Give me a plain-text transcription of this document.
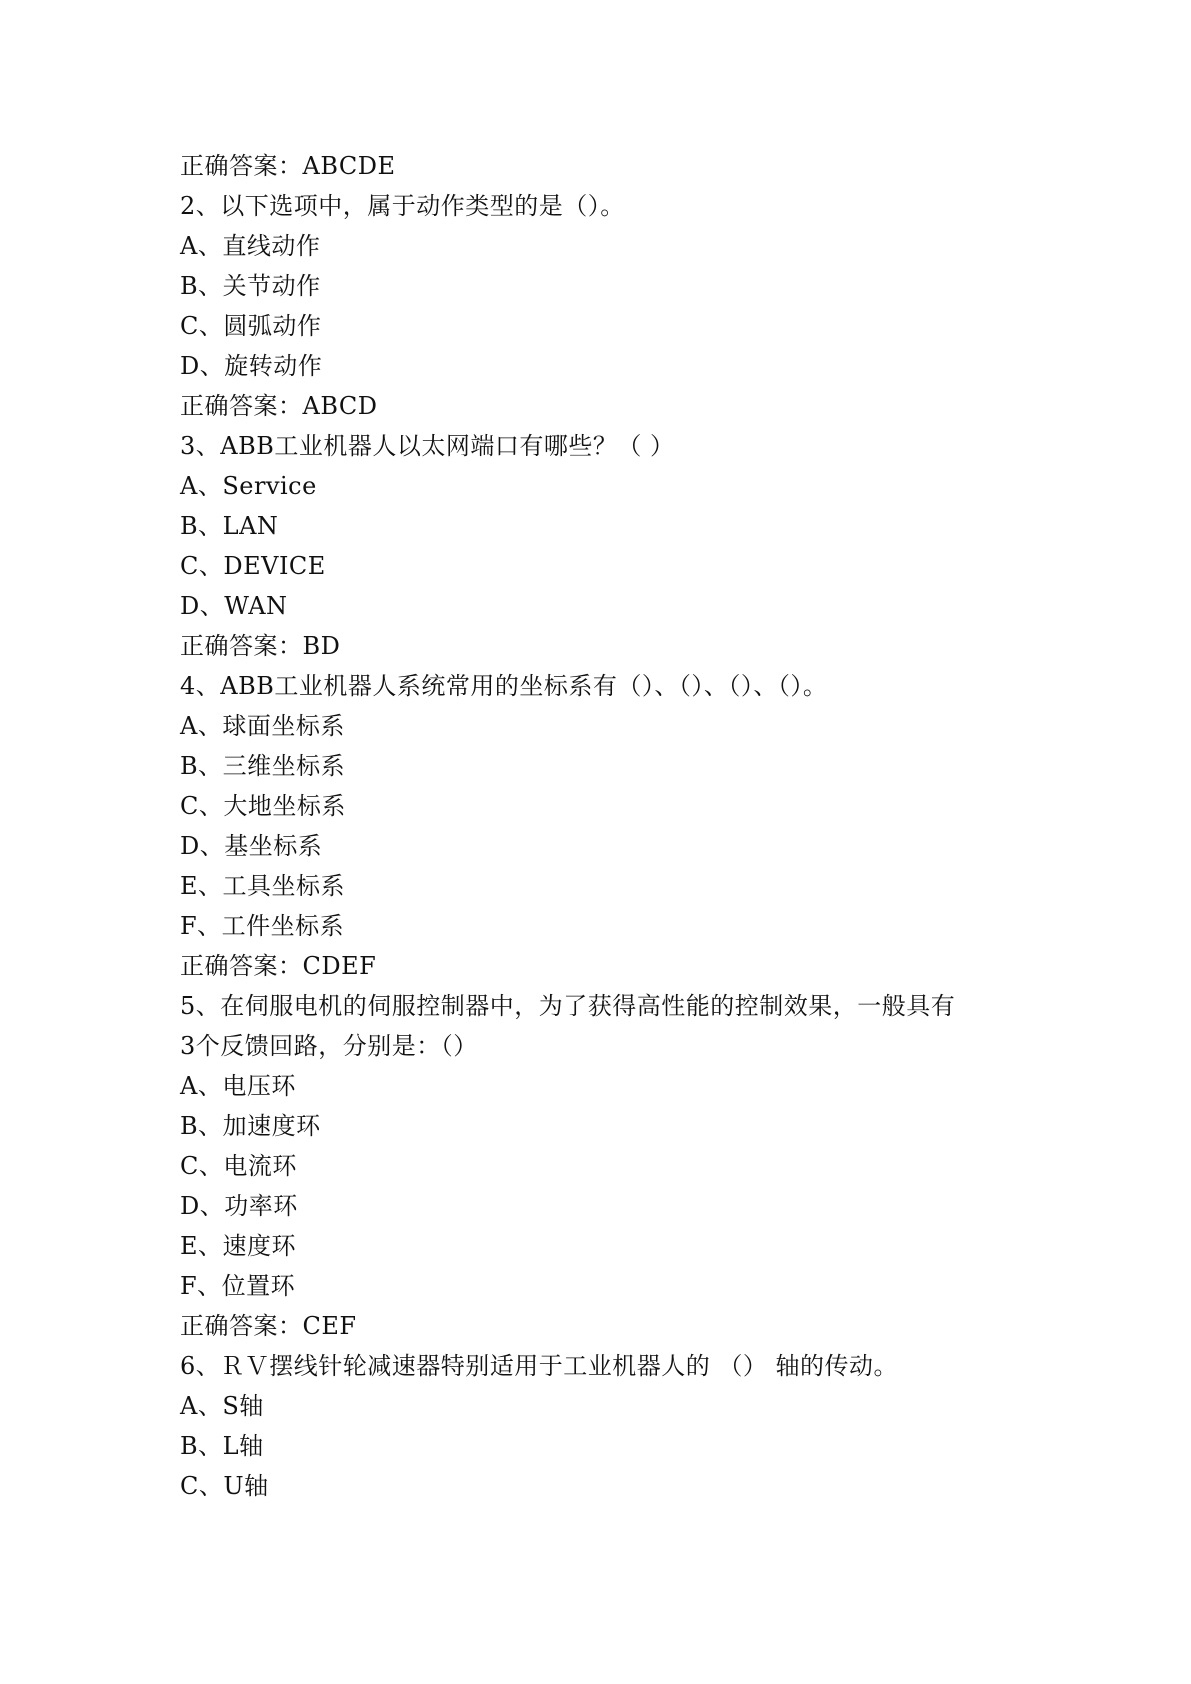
正确答案：ABCDE
2、以下选项中，属于动作类型的是（）。
A、直线动作
B、关节动作
C、圆弧动作
D、旋转动作
正确答案：ABCD
3、ABB工业机器人以太网端口有哪些？（ ）
A、Service
B、LAN
C、DEVICE
D、WAN
正确答案：BD
4、ABB工业机器人系统常用的坐标系有（）、（）、（）、（）。
A、球面坐标系
B、三维坐标系
C、大地坐标系
D、基坐标系
E、工具坐标系
F、工件坐标系
正确答案：CDEF
5、在伺服电机的伺服控制器中，为了获得高性能的控制效果，一般具有
3个反馈回路，分别是：（）
A、电压环
B、加速度环
C、电流环
D、功率环
E、速度环
F、位置环
正确答案：CEF
6、ＲＶ摆线针轮减速器特别适用于工业机器人的 （） 轴的传动。
A、S轴
B、L轴
C、U轴
